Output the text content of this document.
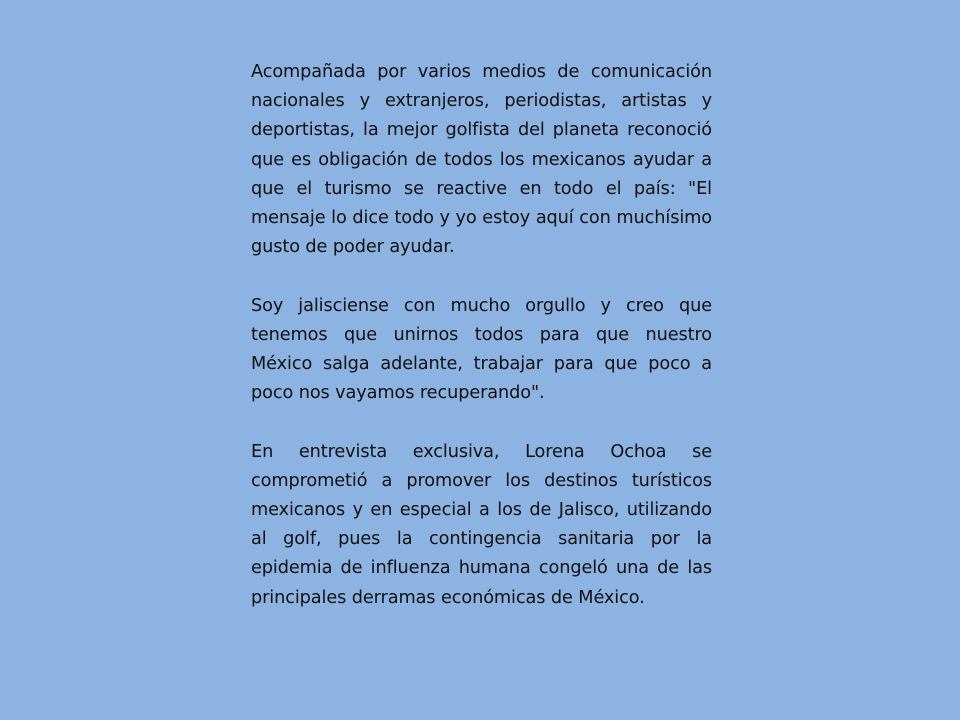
Acompañada por varios medios de comunicación nacionales y extranjeros, periodistas, artistas y deportistas, la mejor golfista del planeta reconoció que es obligación de todos los mexicanos ayudar a que el turismo se reactive en todo el país: "El mensaje lo dice todo y yo estoy aquí con muchísimo gusto de poder ayudar.

Soy jalisciense con mucho orgullo y creo que tenemos que unirnos todos para que nuestro México salga adelante, trabajar para que poco a poco nos vayamos recuperando".

En entrevista exclusiva, Lorena Ochoa se comprometió a promover los destinos turísticos mexicanos y en especial a los de Jalisco, utilizando al golf, pues la contingencia sanitaria por la epidemia de influenza humana congeló una de las principales derramas económicas de México.
